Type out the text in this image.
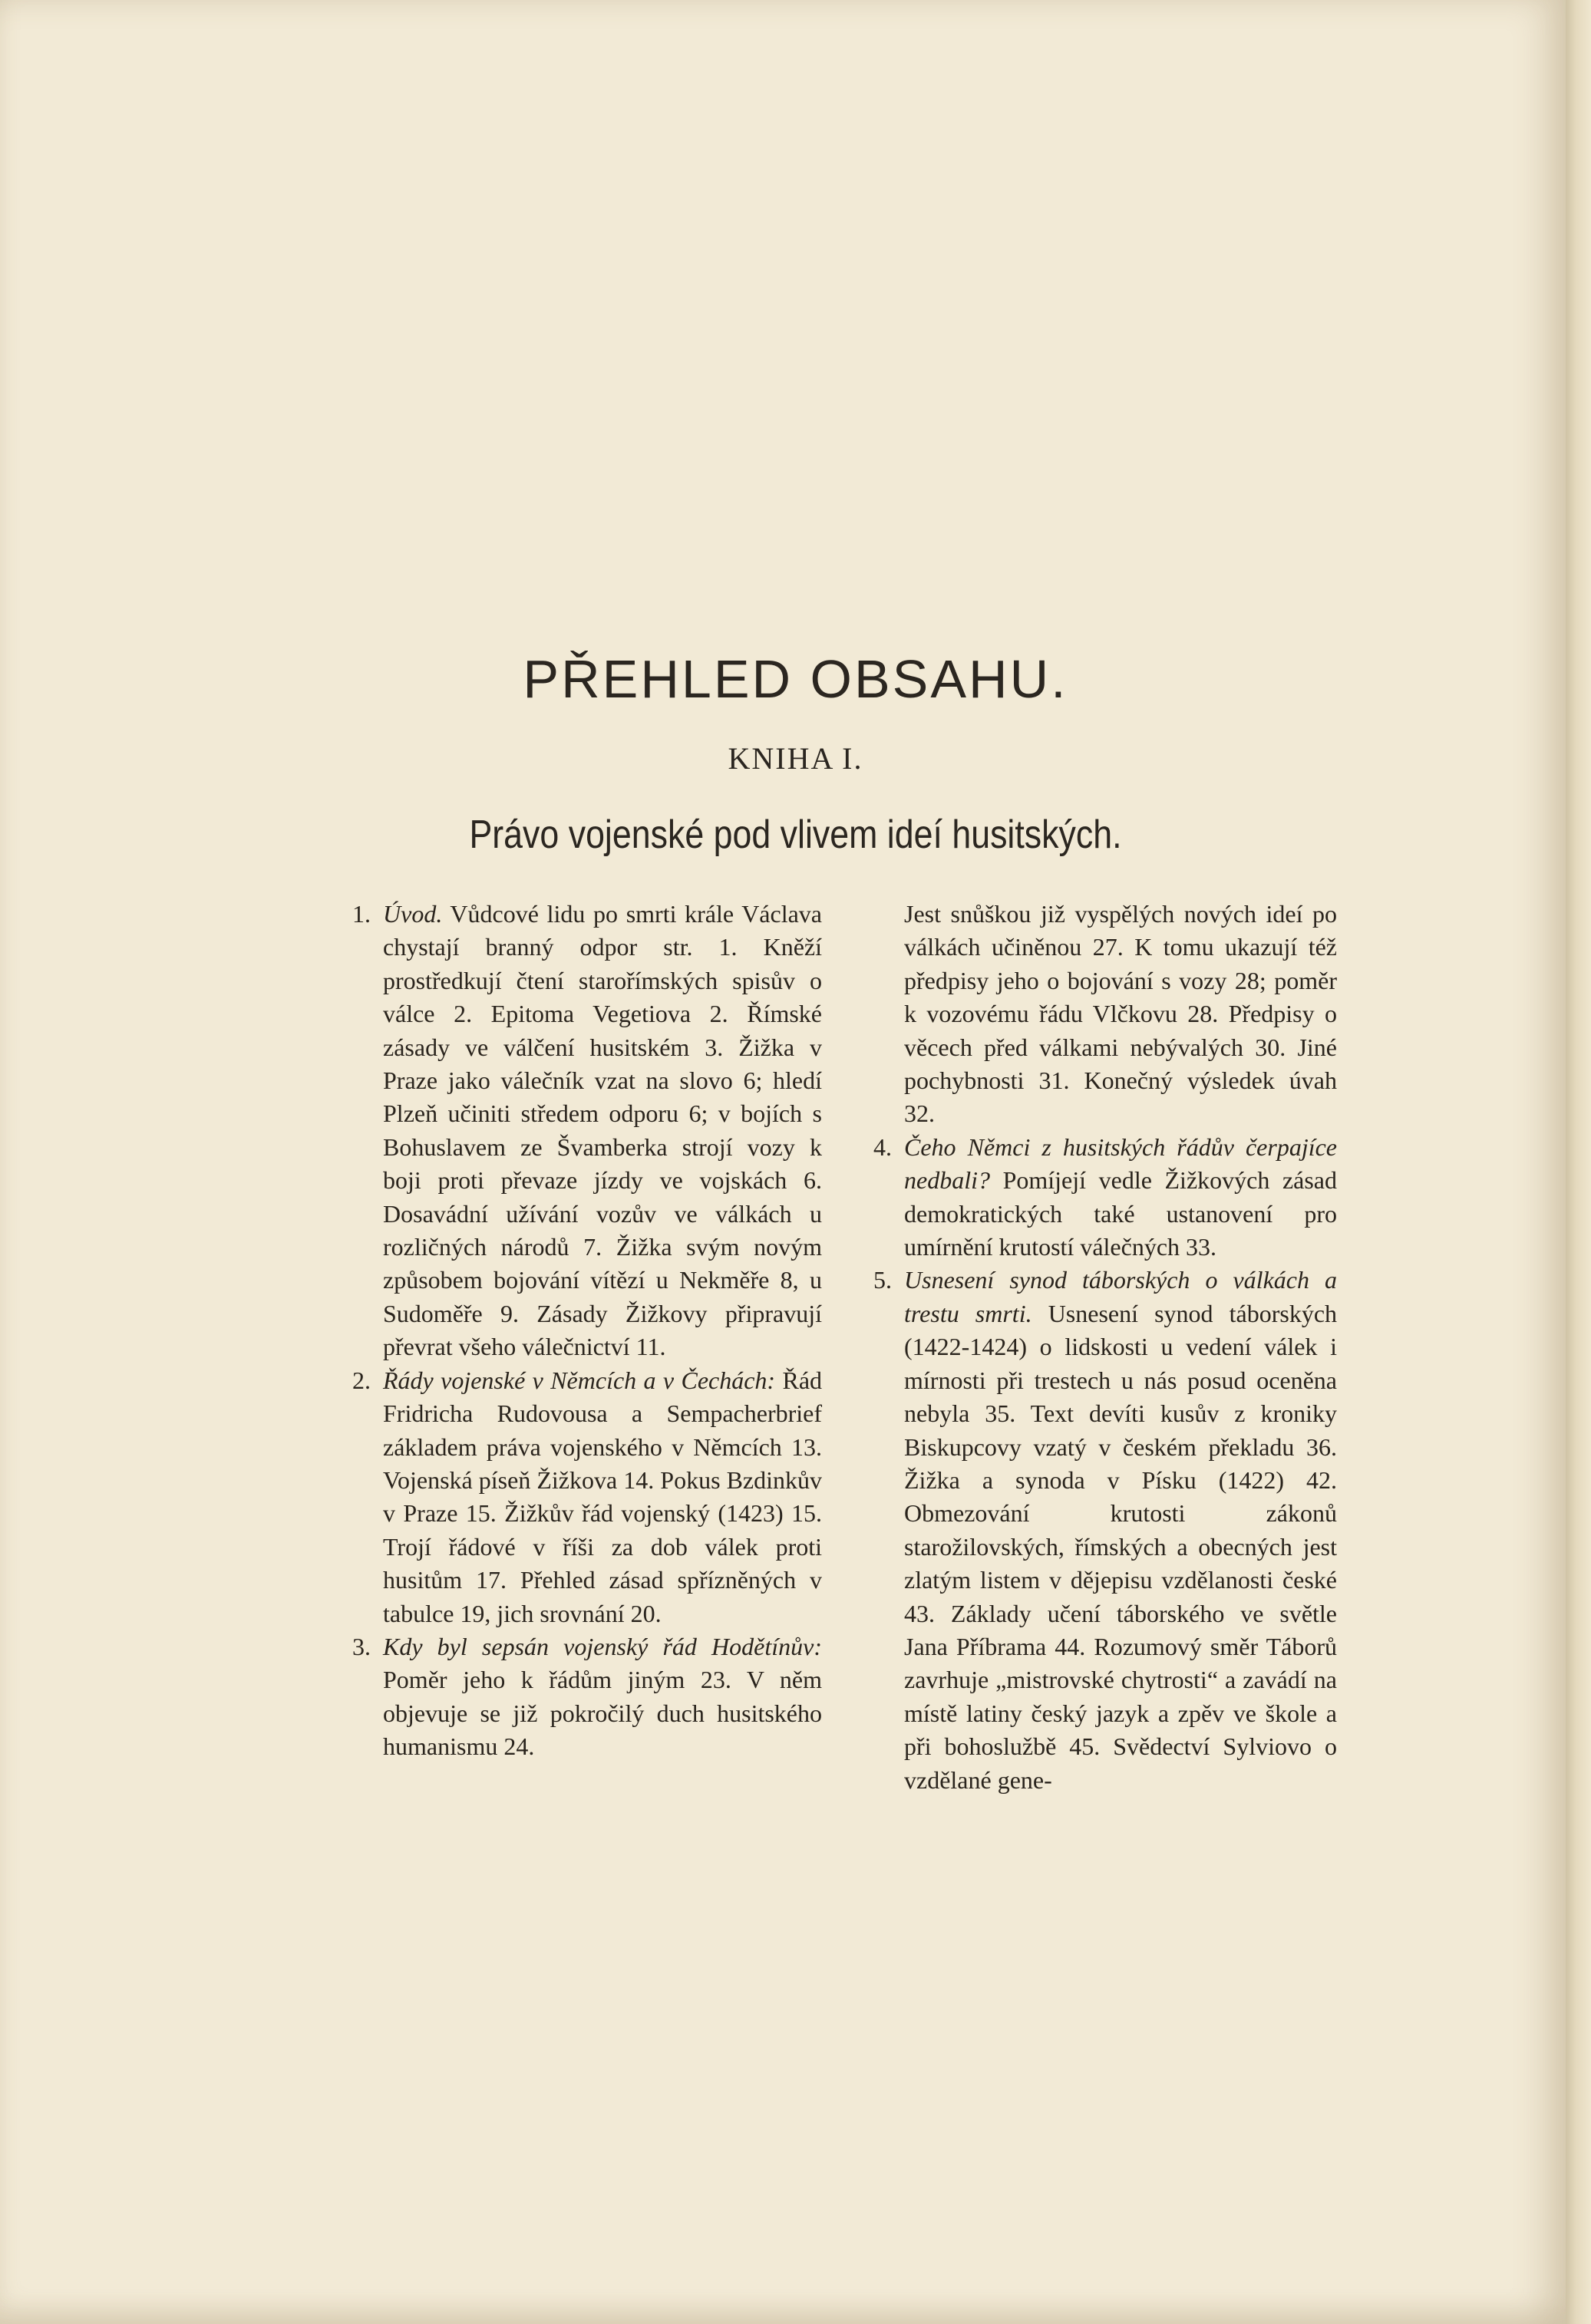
PŘEHLED OBSAHU.
KNIHA I.
Právo vojenské pod vlivem ideí husitských.
1. Úvod. Vůdcové lidu po smrti krále Václava chystají branný odpor str. 1. Kněží prostředkují čtení starořímských spisův o válce 2. Epitoma Vegetiova 2. Římské zásady ve válčení husitském 3. Žižka v Praze jako válečník vzat na slovo 6; hledí Plzeň učiniti středem odporu 6; v bojích s Bohuslavem ze Švamberka strojí vozy k boji proti převaze jízdy ve vojskách 6. Dosavádní užívání vozův ve válkách u rozličných národů 7. Žižka svým novým způsobem bojování vítězí u Nekměře 8, u Sudoměře 9. Zásady Žižkovy připravují převrat všeho válečnictví 11.
2. Řády vojenské v Němcích a v Čechách: Řád Fridricha Rudovousa a Sempacherbrief základem práva vojenského v Němcích 13. Vojenská píseň Žižkova 14. Pokus Bzdinkův v Praze 15. Žižkův řád vojenský (1423) 15. Trojí řádové v říši za dob válek proti husitům 17. Přehled zásad spřízněných v tabulce 19, jich srovnání 20.
3. Kdy byl sepsán vojenský řád Hodětínův: Poměr jeho k řádům jiným 23. V něm objevuje se již pokročilý duch husitského humanismu 24.
Jest snůškou již vyspělých nových ideí po válkách učiněnou 27. K tomu ukazují též předpisy jeho o bojování s vozy 28; poměr k vozovému řádu Vlčkovu 28. Předpisy o věcech před válkami nebývalých 30. Jiné pochybnosti 31. Konečný výsledek úvah 32.
4. Čeho Němci z husitských řádův čerpajíce nedbali? Pomíjejí vedle Žižkových zásad demokratických také ustanovení pro umírnění krutostí válečných 33.
5. Usnesení synod táborských o válkách a trestu smrti. Usnesení synod táborských (1422-1424) o lidskosti u vedení válek i mírnosti při trestech u nás posud oceněna nebyla 35. Text devíti kusův z kroniky Biskupcovy vzatý v českém překladu 36. Žižka a synoda v Písku (1422) 42. Obmezování krutosti zákonů starožilovských, římských a obecných jest zlatým listem v dějepisu vzdělanosti české 43. Základy učení táborského ve světle Jana Příbrama 44. Rozumový směr Táborů zavrhuje „mistrovské chytrosti“ a zavádí na místě latiny český jazyk a zpěv ve škole a při bohoslužbě 45. Svědectví Sylviovo o vzdělané gene-
